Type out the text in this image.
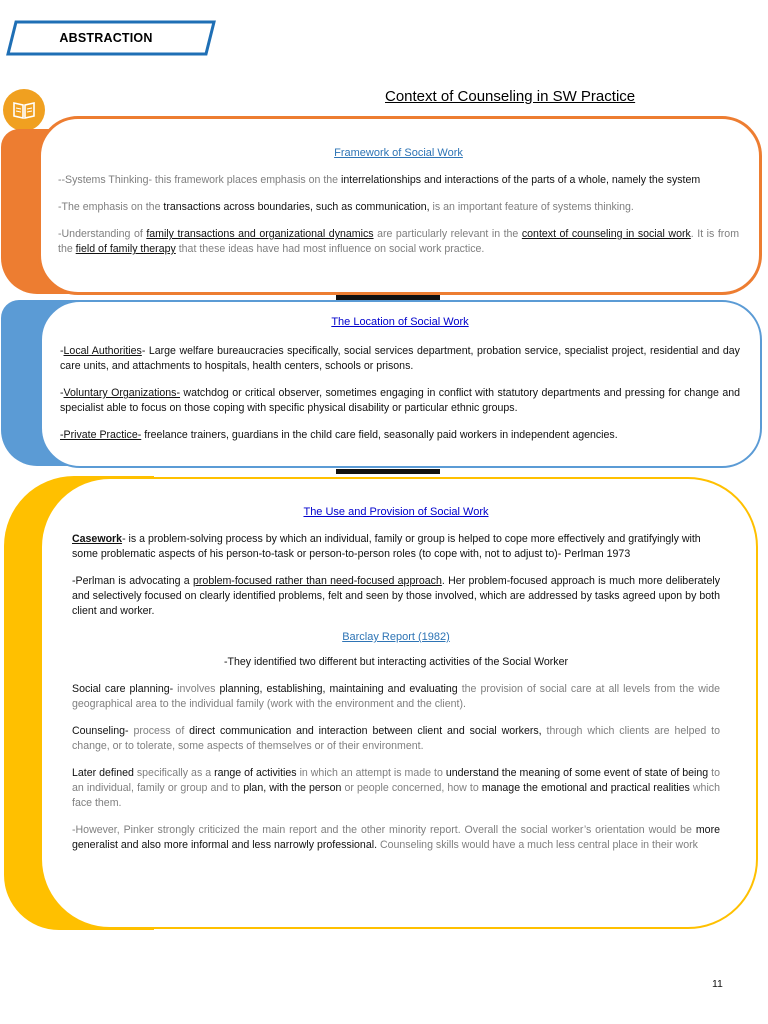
ABSTRACTION
Context of Counseling in SW Practice
Framework of Social Work

--Systems Thinking- this framework places emphasis on the interrelationships and interactions of the parts of a whole, namely the system

-The emphasis on the transactions across boundaries, such as communication, is an important feature of systems thinking.

-Understanding of family transactions and organizational dynamics are particularly relevant in the context of counseling in social work. It is from the field of family therapy that these ideas have had most influence on social work practice.

The Location of Social Work

-Local Authorities- Large welfare bureaucracies specifically, social services department, probation service, specialist project, residential and day care units, and attachments to hospitals, health centers, schools or prisons.

-Voluntary Organizations- watchdog or critical observer, sometimes engaging in conflict with statutory departments and pressing for change and specialist able to focus on those coping with specific physical disability or particular ethnic groups.

-Private Practice- freelance trainers, guardians in the child care field, seasonally paid workers in independent agencies.

The Use and Provision of Social Work

Casework- is a problem-solving process by which an individual, family or group is helped to cope more effectively and gratifyingly with some problematic aspects of his person-to-task or person-to-person roles (to cope with, not to adjust to)- Perlman 1973

-Perlman is advocating a problem-focused rather than need-focused approach. Her problem-focused approach is much more deliberately and selectively focused on clearly identified problems, felt and seen by those involved, which are addressed by tasks agreed upon by both client and worker.

Barclay Report (1982)

-They identified two different but interacting activities of the Social Worker

Social care planning- involves planning, establishing, maintaining and evaluating the provision of social care at all levels from the wide geographical area to the individual family (work with the environment and the client).

Counseling- process of direct communication and interaction between client and social workers, through which clients are helped to change, or to tolerate, some aspects of themselves or of their environment.

Later defined specifically as a range of activities in which an attempt is made to understand the meaning of some event of state of being to an individual, family or group and to plan, with the person or people concerned, how to manage the emotional and practical realities which face them.

-However, Pinker strongly criticized the main report and the other minority report. Overall the social worker’s orientation would be more generalist and also more informal and less narrowly professional. Counseling skills would have a much less central place in their work

11
